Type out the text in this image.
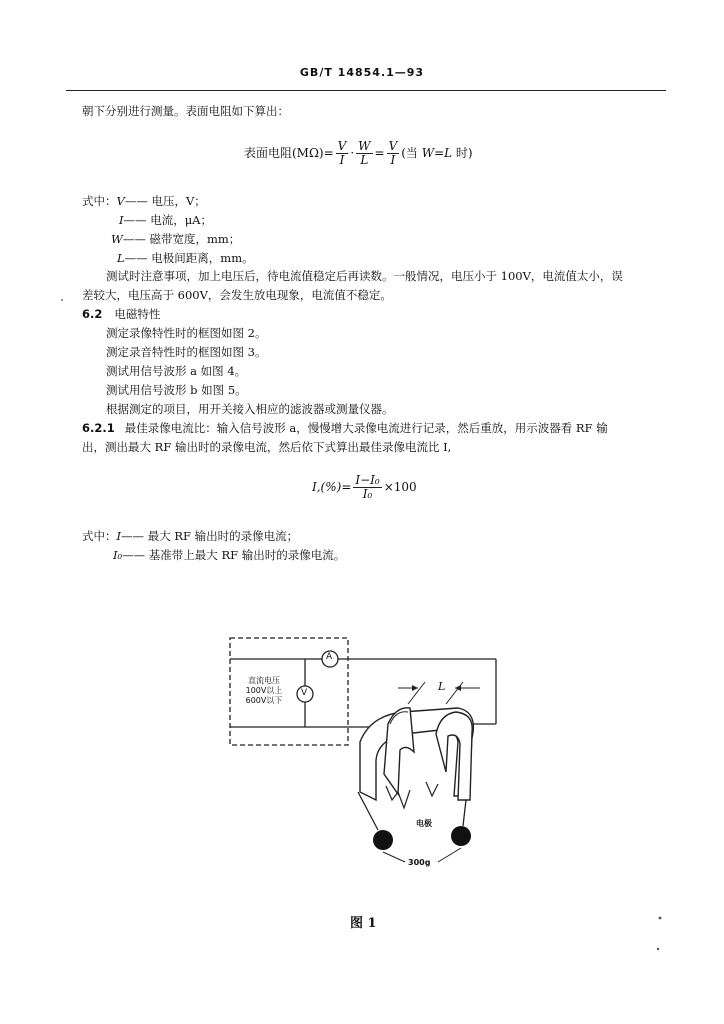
GB/T 14854.1—93
朝下分别进行测量。表面电阻如下算出：
表面电阻$(M\Omega)= \frac{V}{I} \cdot \frac{W}{L} = \frac{V}{I}$ (当 W=L 时)
式中：V—— 电压，V；
I—— 电流，μA；
W—— 磁带宽度，mm；
L—— 电极间距离，mm。
测试时注意事项，加上电压后，待电流值稳定后再读数。一般情况，电压小于 100V，电流值太小，误
差较大，电压高于 600V，会发生放电现象，电流值不稳定。
6.2 电磁特性
测定录像特性时的框图如图 2。
测定录音特性时的框图如图 3。
测试用信号波形 a 如图 4。
测试用信号波形 b 如图 5。
根据测定的项目，用开关接入相应的滤波器或测量仪器。
6.2.1 最佳录像电流比：输入信号波形 a，慢慢增大录像电流进行记录，然后重放，用示波器看 RF 输
出，测出最大 RF 输出时的录像电流，然后依下式算出最佳录像电流比 I,
$I,(\%)= \frac{\text{I−I₀}}{\text{I₀}} \times 100$
式中：I—— 最大 RF 输出时的录像电流；
I₀—— 基准带上最大 RF 输出时的录像电流。
直流电压
100V以上
600V以下
A
V	L
电极
300g
图 1
